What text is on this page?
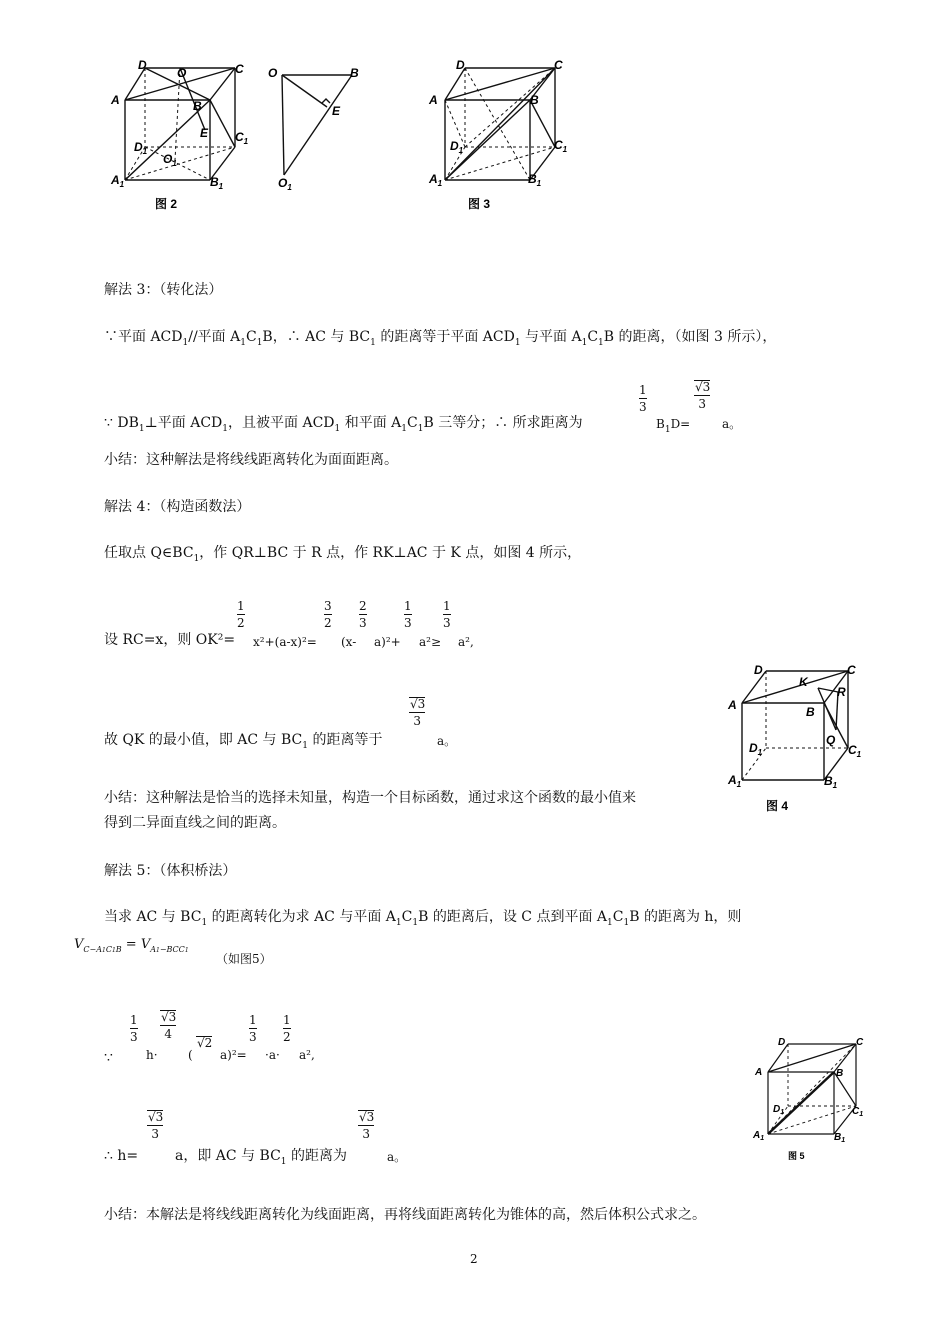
D
O	C
A	B
E $C_1$
$D_1$
$O_1$
$A_1$	$B_1$
图 2
O	B
E
$O_1$
D	C
A	B
$C_1$
$D_1$
$A_1$	$B_1$
图 3
解法 3：（转化法）
∵平面 $ACD_1//$平面 $A_1C_1B$，∴ AC 与 $BC_1$ 的距离等于平面 $ACD_1$ 与平面 $A_1C_1B$ 的距离，（如图 3 所示），
∵ $DB_1\perp$平面 $ACD_1$，且被平面 $ACD_1$ 和平面 $A_1C_1B$ 三等分；∴ 所求距离为
$\frac{1}{3}$
$B_1D=$
$\frac{√3}{3}$
a。
小结：这种解法是将线线距离转化为面面距离。
解法 4：（构造函数法）
任取点 $Q\in BC_1$，作 QR⊥BC 于 R 点，作 RK⊥AC 于 K 点，如图 4 所示，
设 RC=x，则 OK²=
$\frac{1}{2}$
x²+(a-x)²=
$\frac{3}{2}$
(x-
$\frac{2}{3}$
a)²+
$\frac{1}{3}$
a²≥
$\frac{1}{3}$
a²,
故 QK 的最小值，即 AC 与 $BC_1$ 的距离等于
$\frac{√3}{3}$
a。
小结：这种解法是恰当的选择未知量，构造一个目标函数，通过求这个函数的最小值来
得到二异面直线之间的距离。
D	C
K
R
A	B
Q
$D_1$	$C_1$
$A_1$	$B_1$
图 4
解法 5：（体积桥法）
当求 AC 与 $BC_1$ 的距离转化为求 AC 与平面 $A_1C_1B$ 的距离后，设 C 点到平面 $A_1C_1B$ 的距离为 h，则
$V_{C-A1C1B} = V_{A1-BCC1}$
（如图5）
∵
$\frac{1}{3}$
h·
$\frac{√3}{4}$
(
√2
a)²=
$\frac{1}{3}$
·a·
$\frac{1}{2}$
a²,
∴ h=
$\frac{√3}{3}$
a，即 AC 与 $BC_1$ 的距离为
$\frac{√3}{3}$
a。
D	C
A	B
$D_1$	$C_1$
$A_1$	$B_1$
图 5
小结：本解法是将线线距离转化为线面距离，再将线面距离转化为锥体的高，然后体积公式求之。
2
